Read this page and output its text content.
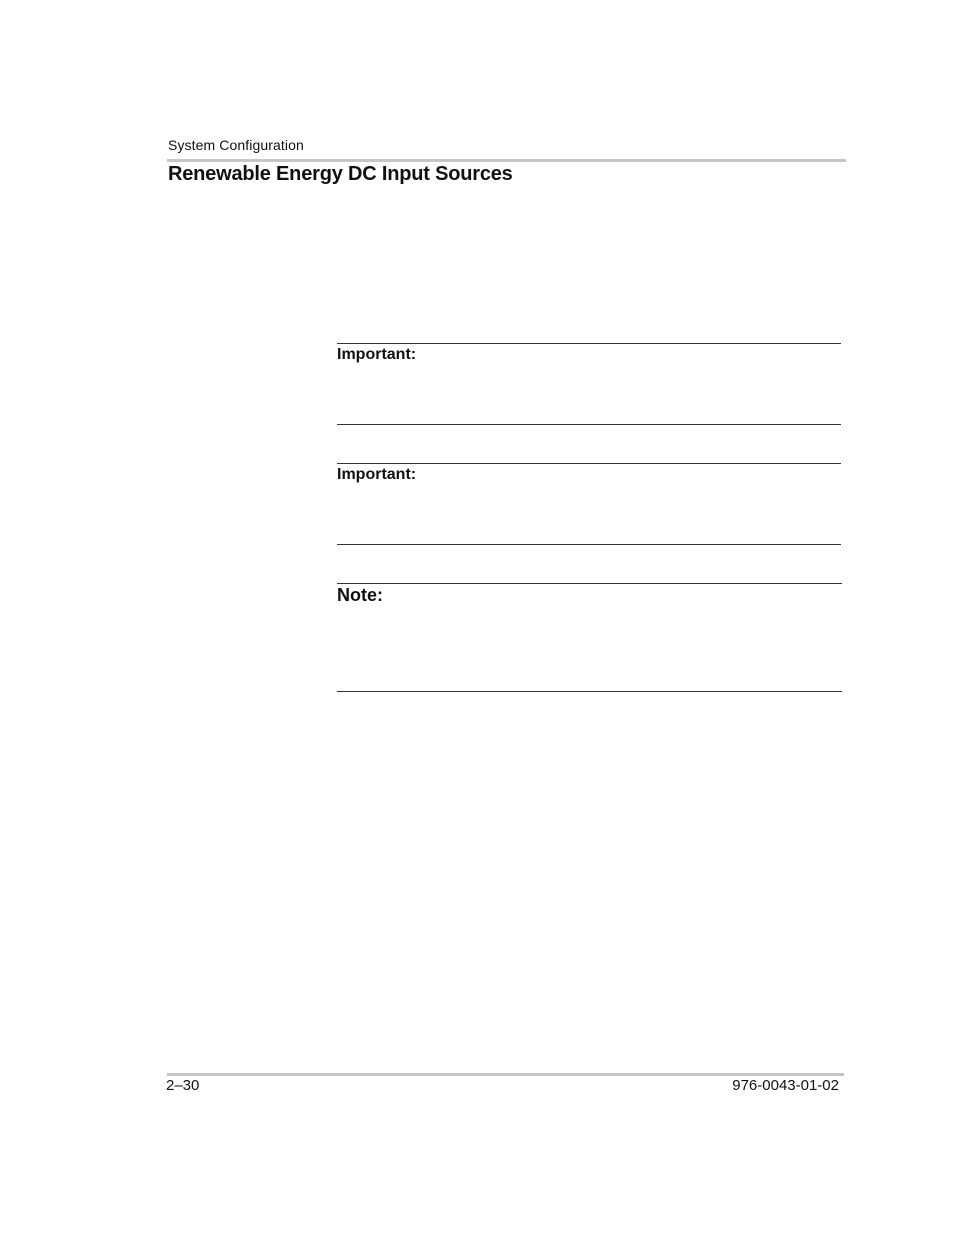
System Configuration
Renewable Energy DC Input Sources
Important:
Important:
Note:
2–30	976-0043-01-02
